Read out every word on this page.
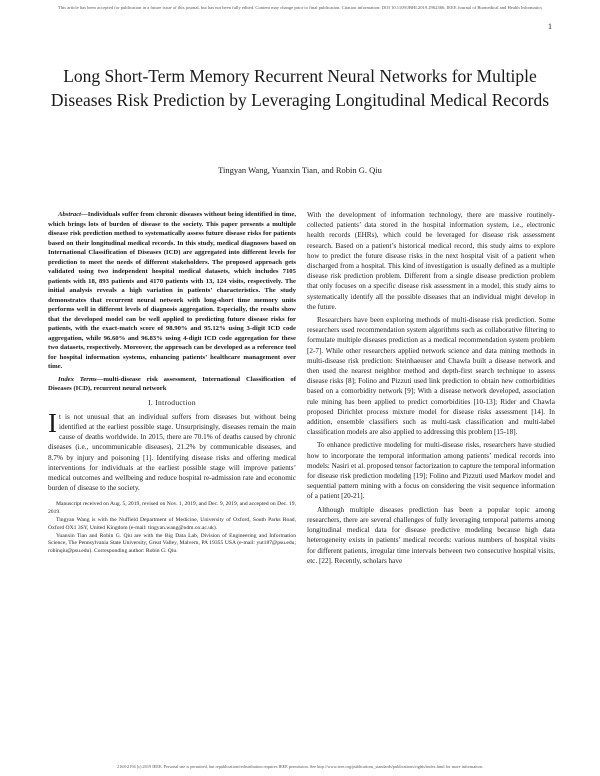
This article has been accepted for publication in a future issue of this journal, but has not been fully edited. Content may change prior to final publication. Citation information: DOI 10.1109/JBHI.2019.2962366, IEEE Journal of Biomedical and Health Informatics
1
Long Short-Term Memory Recurrent Neural Networks for Multiple Diseases Risk Prediction by Leveraging Longitudinal Medical Records
Tingyan Wang, Yuanxin Tian, and Robin G. Qiu

Abstract—Individuals suffer from chronic diseases without being identified in time, which brings lots of burden of disease to the society. This paper presents a multiple disease risk prediction method to systematically assess future disease risks for patients based on their longitudinal medical records. In this study, medical diagnoses based on International Classification of Diseases (ICD) are aggregated into different levels for prediction to meet the needs of different stakeholders. The proposed approach gets validated using two independent hospital medical datasets, which includes 7105 patients with 18, 893 patients and 4170 patients with 13, 124 visits, respectively. The initial analysis reveals a high variation in patients’ characteristics. The study demonstrates that recurrent neural network with long-short time memory units performs well in different levels of diagnosis aggregation. Especially, the results show that the developed model can be well applied to predicting future disease risks for patients, with the exact-match score of 98.90% and 95.12% using 3-digit ICD code aggregation, while 96.60% and 96.83% using 4-digit ICD code aggregation for these two datasets, respectively. Moreover, the approach can be developed as a reference tool for hospital information systems, enhancing patients’ healthcare management over time.

Index Terms—multi-disease risk assessment, International Classification of Diseases (ICD), recurrent neural network

I. Introduction

It is not unusual that an individual suffers from diseases but without being identified at the earliest possible stage. Unsurprisingly, diseases remain the main cause of deaths worldwide. In 2015, there are 70.1% of deaths caused by chronic diseases (i.e., uncommunicable diseases), 21.2% by communicable diseases, and 8.7% by injury and poisoning [1]. Identifying disease risks and offering medical interventions for individuals at the earliest possible stage will improve patients’ medical outcomes and wellbeing and reduce hospital re-admission rate and economic burden of disease to the society.

Manuscript received on Aug. 5, 2019, revised on Nov. 1, 2019, and Dec. 9, 2019, and accepted on Dec. 19, 2019.

Tingyan Wang is with the Nuffield Department of Medicine, University of Oxford, South Parks Road, Oxford OX1 3SY, United Kingdom (e-mail: tingyan.wang@ndm.ox.ac.uk).

Yuanxin Tian and Robin G. Qiu are with the Big Data Lab, Division of Engineering and Information Science, The Pennsylvania State University, Great Valley, Malvern, PA 19355 USA (e-mail: yut187@psu.edu; robinqiu@psu.edu). Corresponding author: Robin G. Qiu.

With the development of information technology, there are massive routinely-collected patients’ data stored in the hospital information system, i.e., electronic health records (EHRs), which could be leveraged for disease risk assessment research. Based on a patient’s historical medical record, this study aims to explore how to predict the future disease risks in the next hospital visit of a patient when discharged from a hospital. This kind of investigation is usually defined as a multiple disease risk prediction problem. Different from a single disease prediction problem that only focuses on a specific disease risk assessment in a model, this study aims to systematically identify all the possible diseases that an individual might develop in the future.

Researchers have been exploring methods of multi-disease risk prediction. Some researchers used recommendation system algorithms such as collaborative filtering to formulate multiple diseases prediction as a medical recommendation system problem [2-7]. While other researchers applied network science and data mining methods in multi-disease risk prediction: Steinhaeuser and Chawla built a disease network and then used the nearest neighbor method and depth-first search technique to assess disease risks [8]; Folino and Pizzuti used link prediction to obtain new comorbidities based on a comorbidity network [9]; With a disease network developed, association rule mining has been applied to predict comorbidities [10-13]; Rider and Chawla proposed Dirichlet process mixture model for disease risks assessment [14]. In addition, ensemble classifiers such as multi-task classification and multi-label classification models are also applied to addressing this problem [15-18].

To enhance predictive modeling for multi-disease risks, researchers have studied how to incorporate the temporal information among patients’ medical records into models: Nasiri et al. proposed tensor factorization to capture the temporal information for disease risk prediction modeling [19]; Folino and Pizzuti used Markov model and sequential pattern mining with a focus on considering the visit sequence information of a patient [20-21].

Although multiple diseases prediction has been a popular topic among researchers, there are several challenges of fully leveraging temporal patterns among longitudinal medical data for disease predictive modeling because high data heterogeneity exists in patients’ medical records: various numbers of hospital visits for different patients, irregular time intervals between two consecutive hospital visits, etc. [22]. Recently, scholars have

2168-2194 (c) 2019 IEEE. Personal use is permitted, but republication/redistribution requires IEEE permission. See http://www.ieee.org/publications_standards/publications/rights/index.html for more information.
